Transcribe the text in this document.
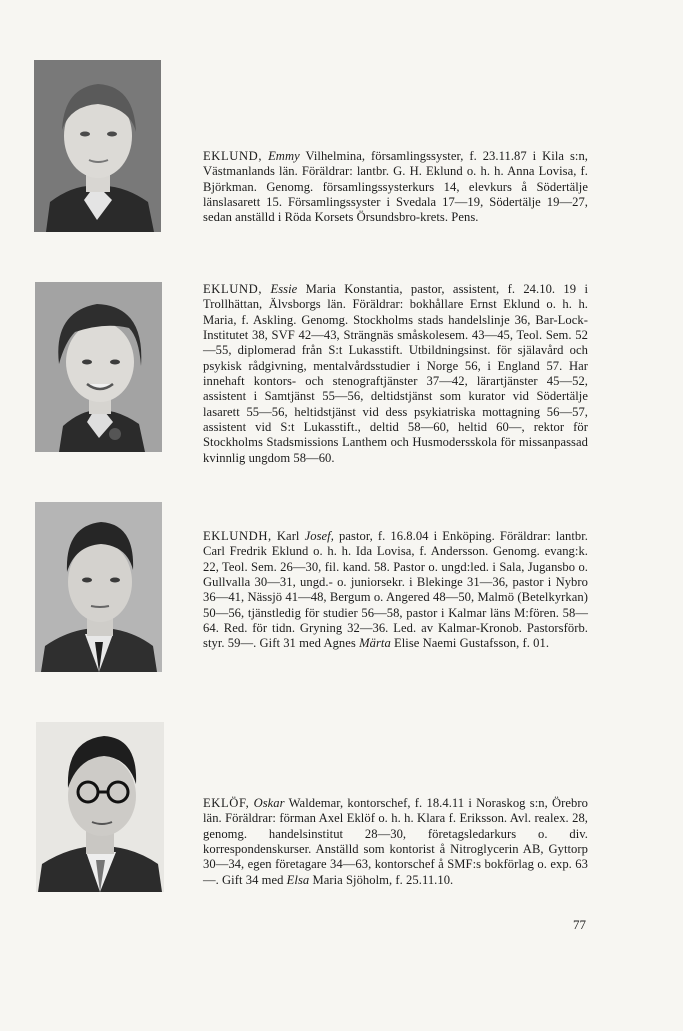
EKLUND, Emmy Vilhelmina, församlingssyster, f. 23.11.87 i Kila s:n, Västmanlands län. Föräldrar: lantbr. G. H. Eklund o. h. h. Anna Lovisa, f. Björkman. Genomg. församlingssysterkurs 14, elevkurs å Södertälje länslasarett 15. Församlingssyster i Svedala 17—19, Södertälje 19—27, sedan anställd i Röda Korsets Örsundsbro-krets. Pens.
EKLUND, Essie Maria Konstantia, pastor, assistent, f. 24.10. 19 i Trollhättan, Älvsborgs län. Föräldrar: bokhållare Ernst Eklund o. h. h. Maria, f. Askling. Genomg. Stockholms stads handelslinje 36, Bar-Lock-Institutet 38, SVF 42—43, Strängnäs småskolesem. 43—45, Teol. Sem. 52—55, diplomerad från S:t Lukasstift. Utbildningsinst. för själavård och psykisk rådgivning, mentalvårdsstudier i Norge 56, i England 57. Har innehaft kontors- och stenograftjänster 37—42, lärartjänster 45—52, assistent i Samtjänst 55—56, deltidstjänst som kurator vid Södertälje lasarett 55—56, heltidstjänst vid dess psykiatriska mottagning 56—57, assistent vid S:t Lukasstift., deltid 58—60, heltid 60—, rektor för Stockholms Stadsmissions Lanthem och Husmodersskola för missanpassad kvinnlig ungdom 58—60.
EKLUNDH, Karl Josef, pastor, f. 16.8.04 i Enköping. Föräldrar: lantbr. Carl Fredrik Eklund o. h. h. Ida Lovisa, f. Andersson. Genomg. evang:k. 22, Teol. Sem. 26—30, fil. kand. 58. Pastor o. ungd:led. i Sala, Jugansbo o. Gullvalla 30—31, ungd.- o. juniorsekr. i Blekinge 31—36, pastor i Nybro 36—41, Nässjö 41—48, Bergum o. Angered 48—50, Malmö (Betelkyrkan) 50—56, tjänstledig för studier 56—58, pastor i Kalmar läns M:fören. 58—64. Red. för tidn. Gryning 32—36. Led. av Kalmar-Kronob. Pastorsförb. styr. 59—. Gift 31 med Agnes Märta Elise Naemi Gustafsson, f. 01.
EKLÖF, Oskar Waldemar, kontorschef, f. 18.4.11 i Noraskog s:n, Örebro län. Föräldrar: förman Axel Eklöf o. h. h. Klara f. Eriksson. Avl. realex. 28, genomg. handelsinstitut 28—30, företagsledarkurs o. div. korrespondenskurser. Anställd som kontorist å Nitroglycerin AB, Gyttorp 30—34, egen företagare 34—63, kontorschef å SMF:s bokförlag o. exp. 63—. Gift 34 med Elsa Maria Sjöholm, f. 25.11.10.
77
